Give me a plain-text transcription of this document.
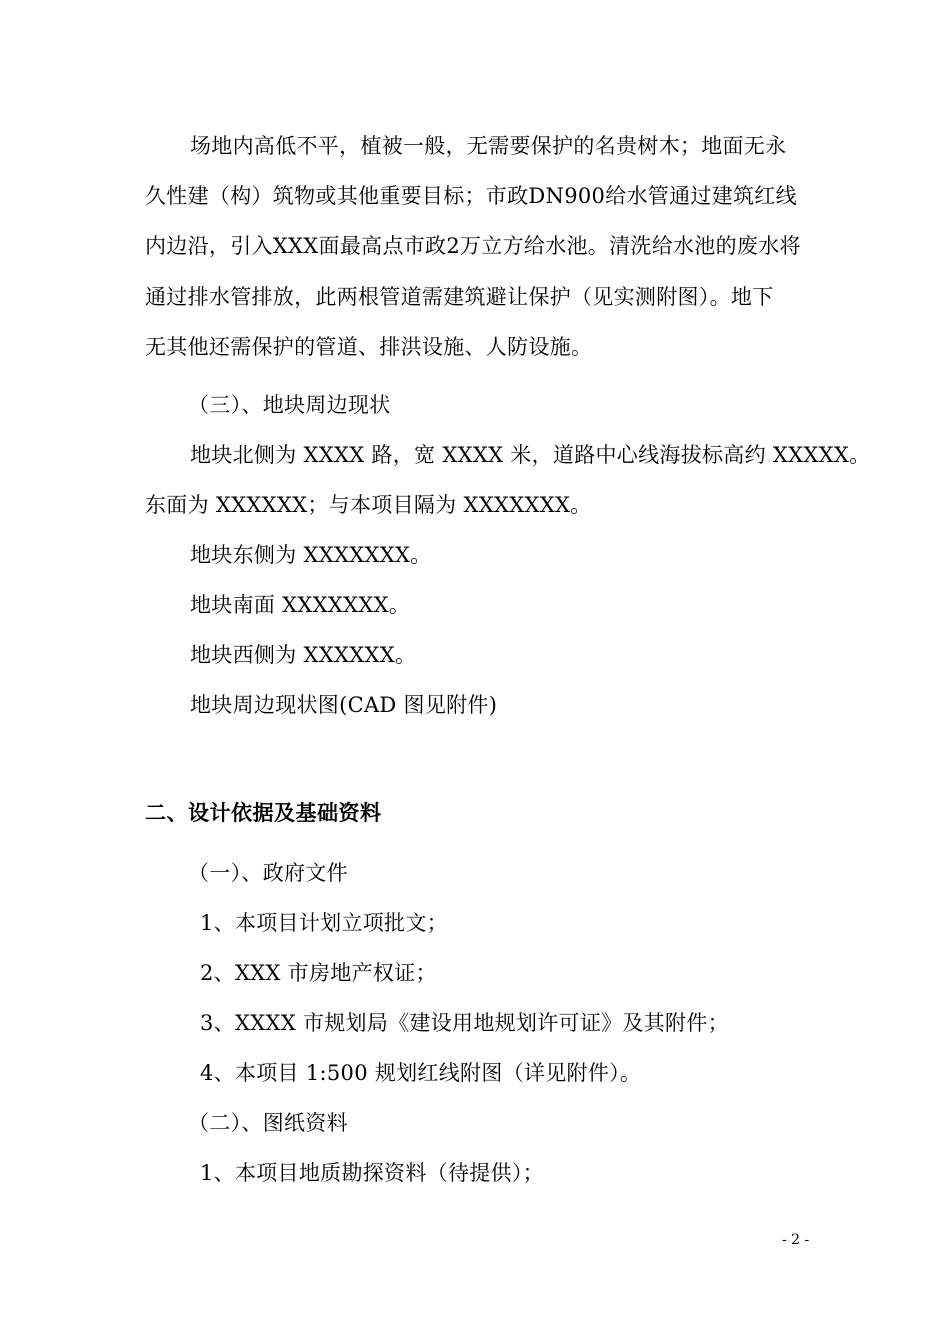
场地内高低不平，植被一般，无需要保护的名贵树木；地面无永
久性建（构）筑物或其他重要目标；市政DN900给水管通过建筑红线
内边沿，引入XXX面最高点市政2万立方给水池。清洗给水池的废水将
通过排水管排放，此两根管道需建筑避让保护（见实测附图）。地下
无其他还需保护的管道、排洪设施、人防设施。
（三）、地块周边现状
地块北侧为 XXXX 路，宽 XXXX 米，道路中心线海拔标高约 XXXXX。
东面为 XXXXXX；与本项目隔为 XXXXXXX。
地块东侧为 XXXXXXX。
地块南面 XXXXXXX。
地块西侧为 XXXXXX。
地块周边现状图(CAD 图见附件)
二、设计依据及基础资料
（一）、政府文件
1、本项目计划立项批文；
2、XXX 市房地产权证；
3、XXXX 市规划局《建设用地规划许可证》及其附件；
4、本项目 1:500 规划红线附图（详见附件）。
（二）、图纸资料
1、本项目地质勘探资料（待提供）；
- 2 -
